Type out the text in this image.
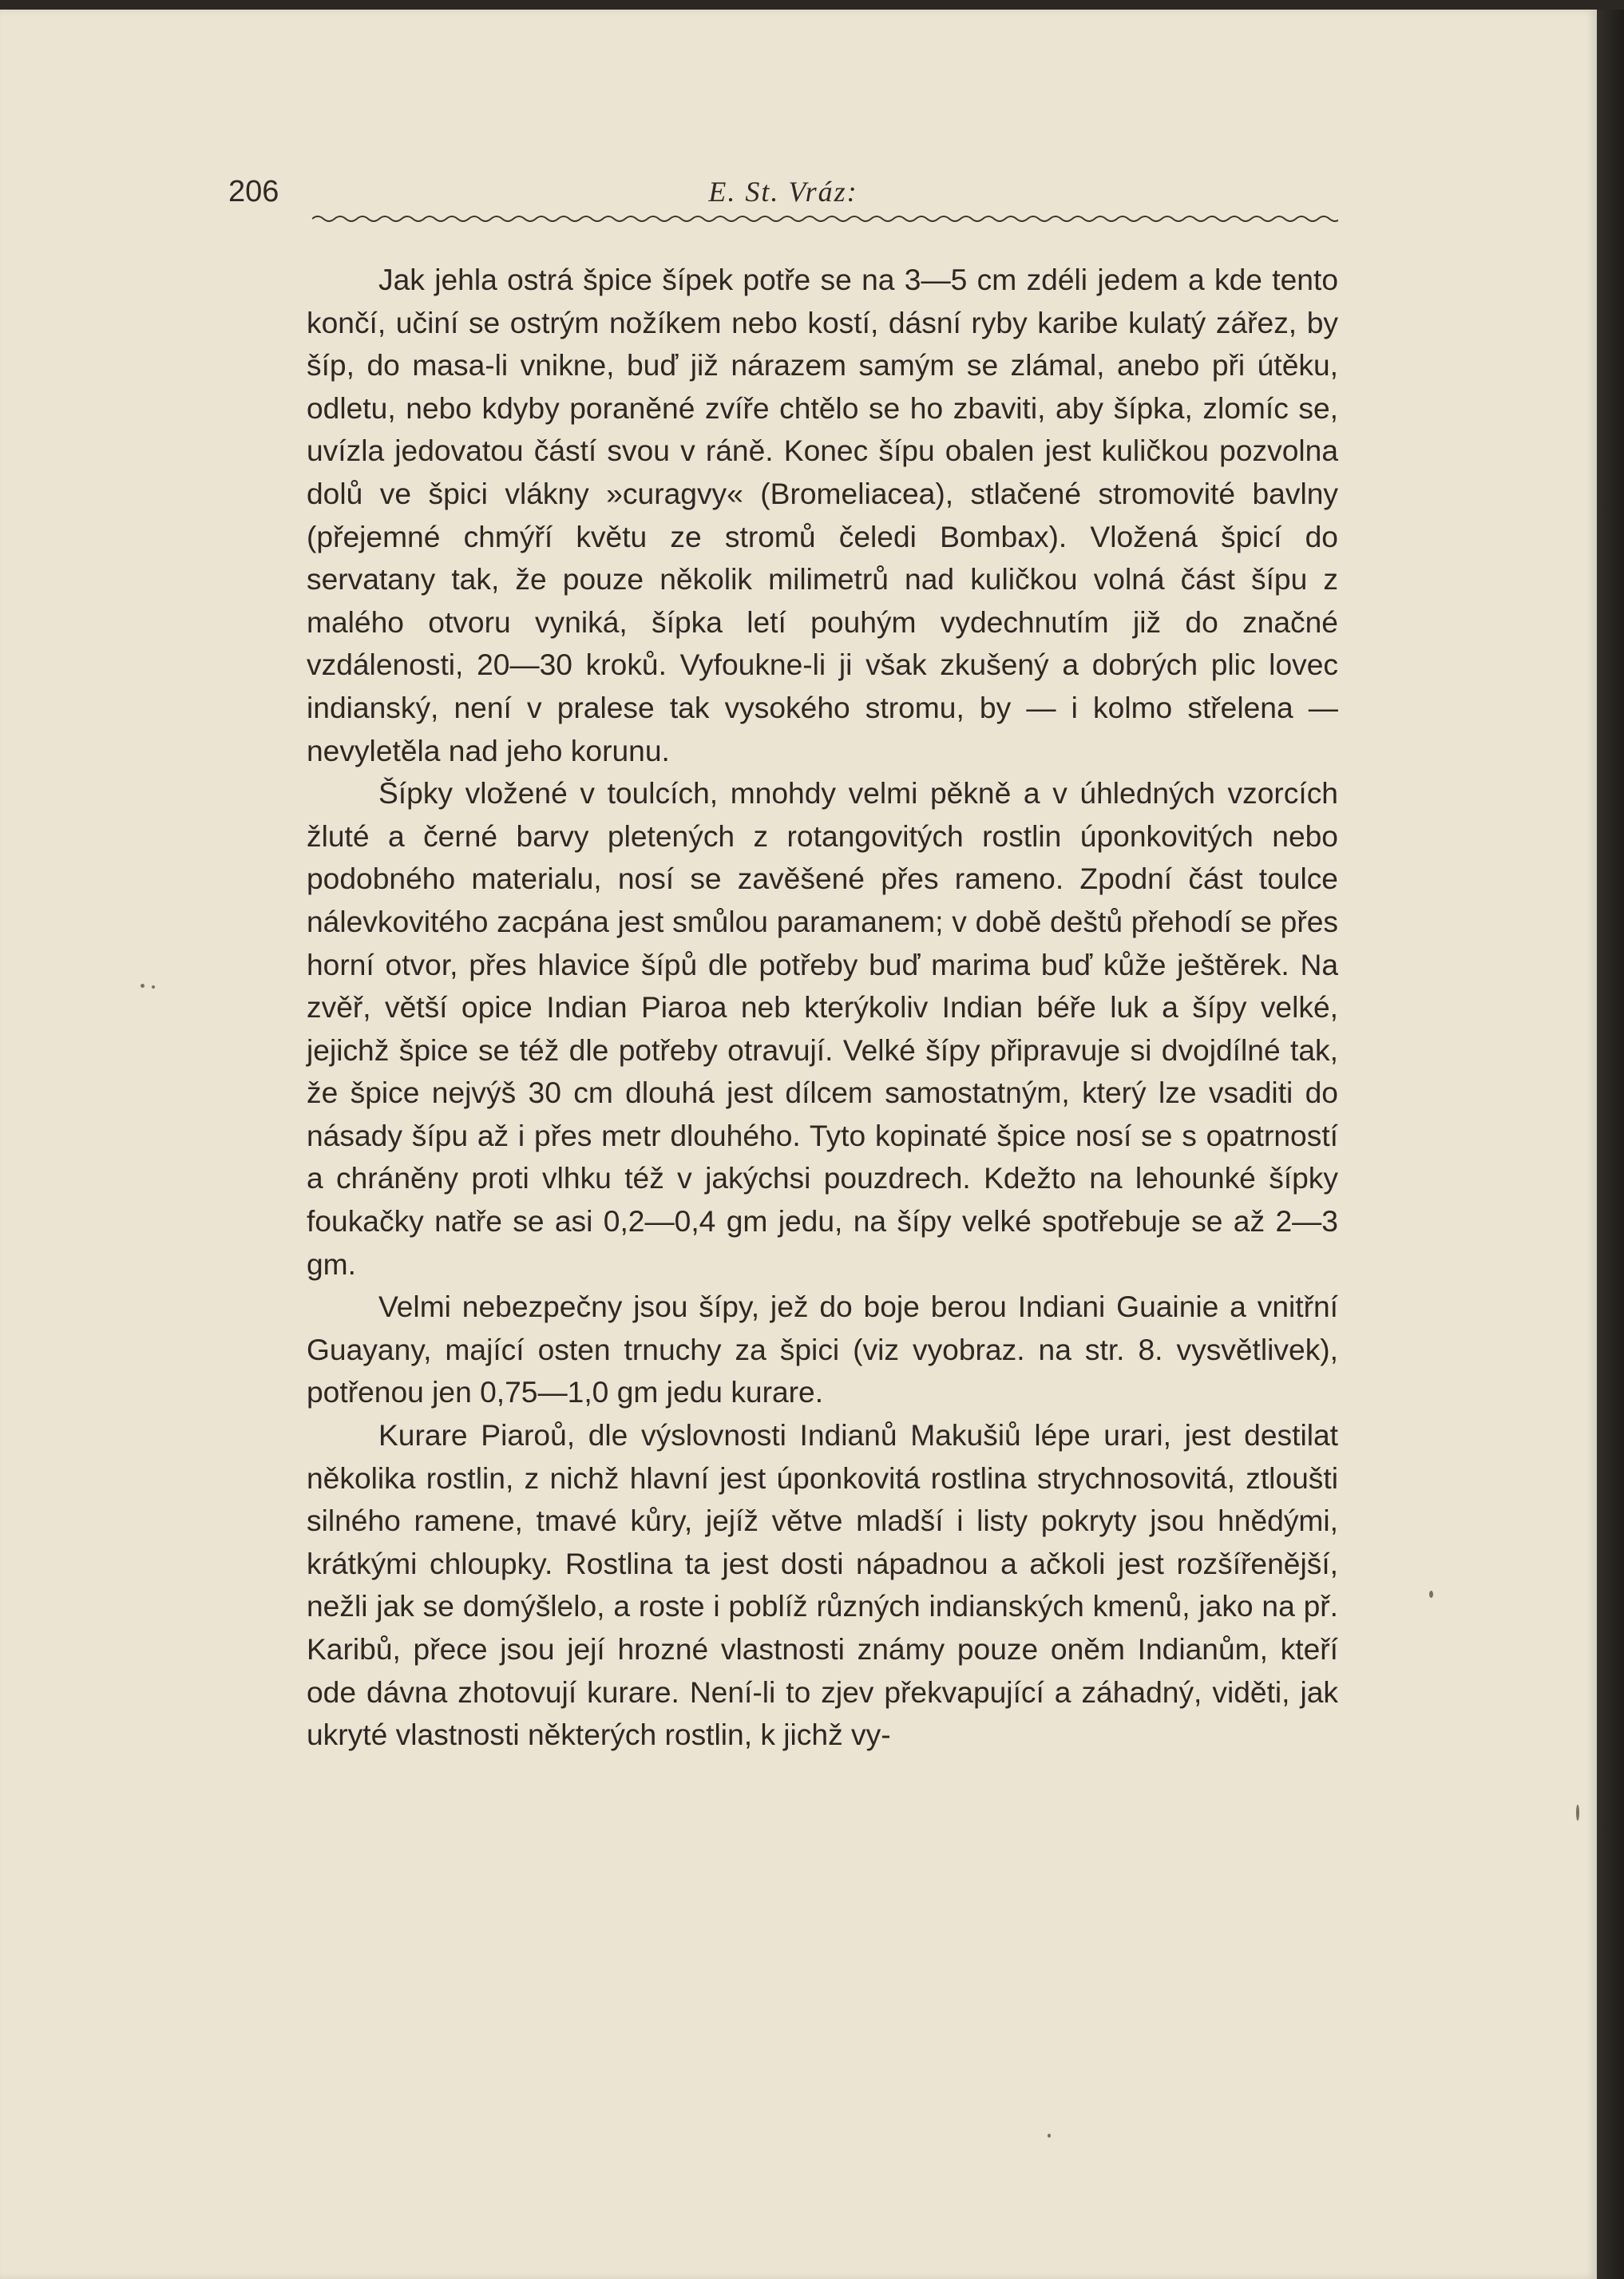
206	E. St. Vráz:

Jak jehla ostrá špice šípek potře se na 3—5 cm zdéli jedem a kde tento končí, učiní se ostrým nožíkem nebo kostí, dásní ryby karibe kulatý zářez, by šíp, do masa-li vnikne, buď již nárazem samým se zlámal, anebo při útěku, odletu, nebo kdyby poraněné zvíře chtělo se ho zbaviti, aby šípka, zlomíc se, uvízla jedovatou částí svou v ráně. Konec šípu obalen jest kuličkou pozvolna dolů ve špici vlákny »curagvy« (Bromeliacea), stlačené stromovité bavlny (přejemné chmýří květu ze stromů čeledi Bombax). Vložená špicí do servatany tak, že pouze několik milimetrů nad kuličkou volná část šípu z malého otvoru vyniká, šípka letí pouhým vydechnutím již do značné vzdálenosti, 20—30 kroků. Vyfoukne-li ji však zkušený a dobrých plic lovec indianský, není v pralese tak vysokého stromu, by — i kolmo střelena — nevyletěla nad jeho korunu.

Šípky vložené v toulcích, mnohdy velmi pěkně a v úhledných vzorcích žluté a černé barvy pletených z rotangovitých rostlin úponkovitých nebo podobného materialu, nosí se zavěšené přes rameno. Zpodní část toulce nálevkovitého zacpána jest smůlou paramanem; v době deštů přehodí se přes horní otvor, přes hlavice šípů dle potřeby buď marima buď kůže ještěrek. Na zvěř, větší opice Indian Piaroa neb kterýkoliv Indian béře luk a šípy velké, jejichž špice se též dle potřeby otravují. Velké šípy připravuje si dvojdílné tak, že špice nejvýš 30 cm dlouhá jest dílcem samostatným, který lze vsaditi do násady šípu až i přes metr dlouhého. Tyto kopinaté špice nosí se s opatrností a chráněny proti vlhku též v jakýchsi pouzdrech. Kdežto na lehounké šípky foukačky natře se asi 0,2—0,4 gm jedu, na šípy velké spotřebuje se až 2—3 gm.

Velmi nebezpečny jsou šípy, jež do boje berou Indiani Guainie a vnitřní Guayany, mající osten trnuchy za špici (viz vyobraz. na str. 8. vysvětlivek), potřenou jen 0,75—1,0 gm jedu kurare.

Kurare Piaroů, dle výslovnosti Indianů Makušiů lépe urari, jest destilat několika rostlin, z nichž hlavní jest úponkovitá rostlina strychnosovitá, ztloušti silného ramene, tmavé kůry, jejíž větve mladší i listy pokryty jsou hnědými, krátkými chloupky. Rostlina ta jest dosti nápadnou a ačkoli jest rozšířenější, nežli jak se domýšlelo, a roste i poblíž různých indianských kmenů, jako na př. Karibů, přece jsou její hrozné vlastnosti známy pouze oněm Indianům, kteří ode dávna zhotovují kurare. Není-li to zjev překvapující a záhadný, viděti, jak ukryté vlastnosti některých rostlin, k jichž vy-
